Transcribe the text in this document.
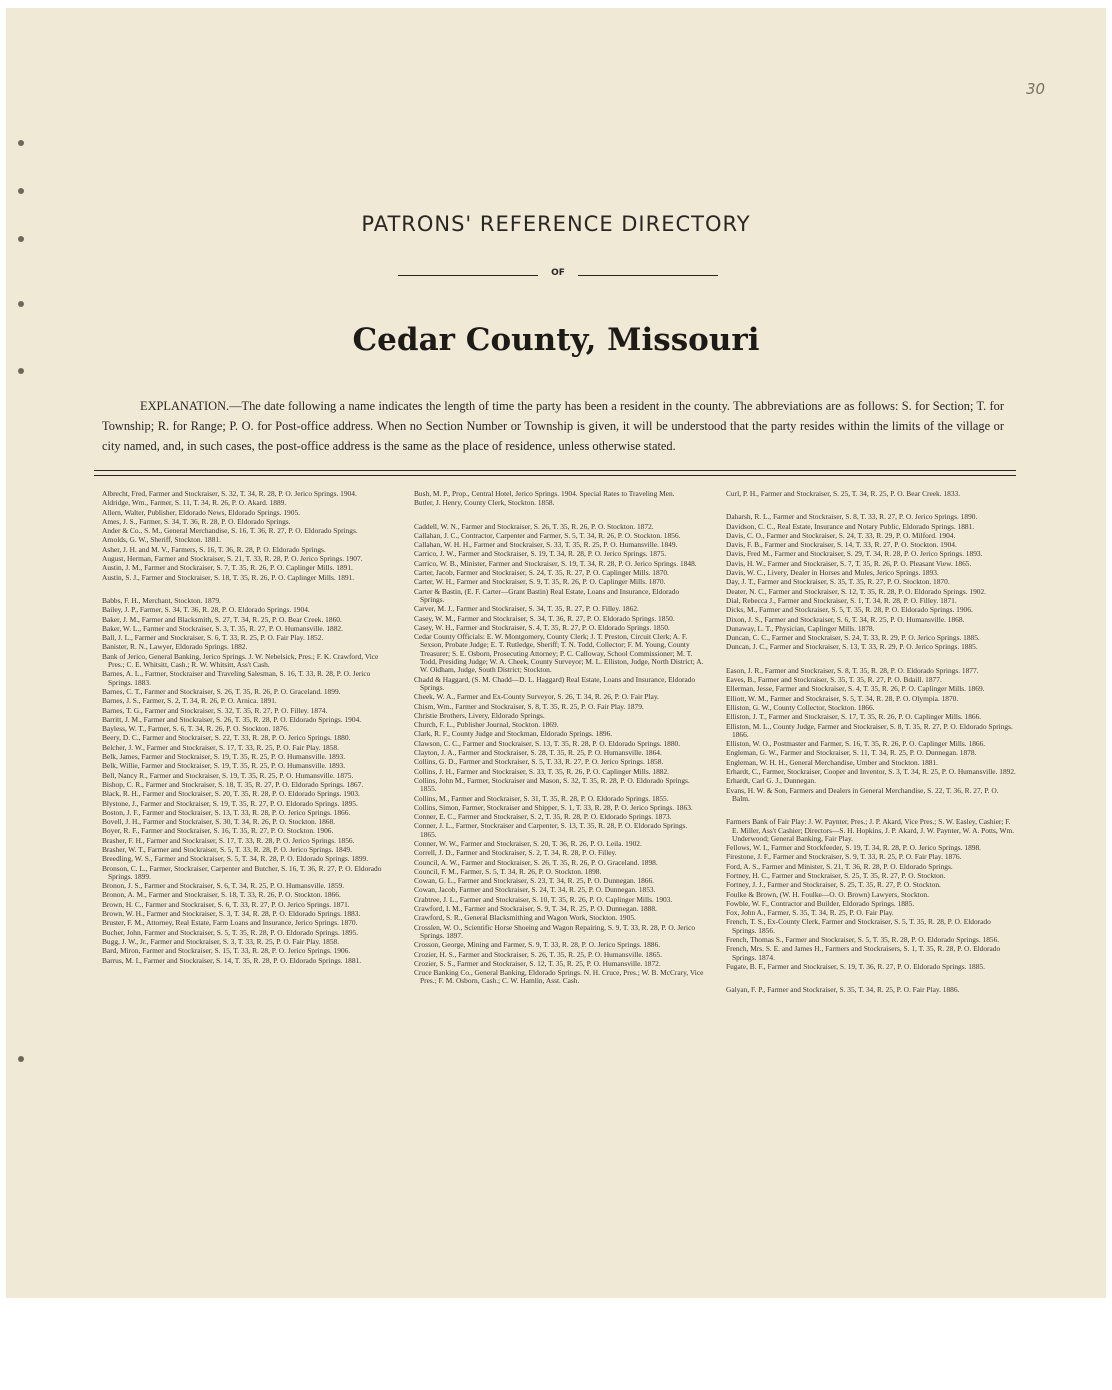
30
PATRONS' REFERENCE DIRECTORY
OF
Cedar County, Missouri
EXPLANATION.—The date following a name indicates the length of time the party has been a resident in the county. The abbreviations are as follows: S. for Section; T. for Township; R. for Range; P. O. for Post-office address. When no Section Number or Township is given, it will be understood that the party resides within the limits of the village or city named, and, in such cases, the post-office address is the same as the place of residence, unless otherwise stated.
Albrecht, Fred, Farmer and Stockraiser, S. 32, T. 34, R. 28, P. O. Jerico Springs. 1904.
Aldridge, Wm., Farmer, S. 11, T. 34, R. 26, P. O. Akard. 1889.
Allern, Walter, Publisher, Eldorado News, Eldorado Springs. 1905.
Ames, J. S., Farmer, S. 34, T. 36, R. 28, P. O. Eldorado Springs.
Ander & Co., S. M., General Merchandise, S. 16, T. 36, R. 27, P. O. Eldorado Springs.
Arnolds, G. W., Sheriff, Stockton. 1881.
Asher, J. H. and M. V., Farmers, S. 16, T. 36, R. 28, P. O. Eldorado Springs.
August, Herman, Farmer and Stockraiser, S. 21, T. 33, R. 28, P. O. Jerico Springs. 1907.
Austin, J. M., Farmer and Stockraiser, S. 7, T. 35, R. 26, P. O. Caplinger Mills. 1891.
Austin, S. J., Farmer and Stockraiser, S. 18, T. 35, R. 26, P. O. Caplinger Mills. 1891.
Babbs, F. H., Merchant, Stockton. 1879.
Bailey, J. P., Farmer, S. 34, T. 36, R. 28, P. O. Eldorado Springs. 1904.
Baker, J. M., Farmer and Blacksmith, S. 27, T. 34, R. 25, P. O. Bear Creek. 1860.
Baker, W. L., Farmer and Stockraiser, S. 3, T. 35, R. 27, P. O. Humansville. 1882.
Ball, J. L., Farmer and Stockraiser, S. 6, T. 33, R. 25, P. O. Fair Play. 1852.
Banister, R. N., Lawyer, Eldorado Springs. 1882.
Bank of Jerico, General Banking, Jerico Springs. J. W. Nebelsick, Pres.; F. K. Crawford, Vice Pres.; C. E. Whitsitt, Cash.; R. W. Whitsitt, Ass't Cash.
Barnes, A. L., Farmer, Stockraiser and Traveling Salesman, S. 16, T. 33, R. 28, P. O. Jerico Springs. 1883.
Barnes, C. T., Farmer and Stockraiser, S. 26, T. 35, R. 26, P. O. Graceland. 1899.
Barnes, J. S., Farmer, S. 2, T. 34, R. 26, P. O. Arnica. 1891.
Barnes, T. G., Farmer and Stockraiser, S. 32, T. 35, R. 27, P. O. Filley. 1874.
Barritt, J. M., Farmer and Stockraiser, S. 26, T. 35, R. 28, P. O. Eldorado Springs. 1904.
Bayless, W. T., Farmer, S. 6, T. 34, R. 26, P. O. Stockton. 1876.
Beery, D. C., Farmer and Stockraiser, S. 22, T. 33, R. 28, P. O. Jerico Springs. 1880.
Belcher, J. W., Farmer and Stockraiser, S. 17, T. 33, R. 25, P. O. Fair Play. 1858.
Belk, James, Farmer and Stockraiser, S. 19, T. 35, R. 25, P. O. Humansville. 1893.
Belk, Willie, Farmer and Stockraiser, S. 19, T. 35, R. 25, P. O. Humansville. 1893.
Bell, Nancy R., Farmer and Stockraiser, S. 19, T. 35, R. 25, P. O. Humansville. 1875.
Bishop, C. R., Farmer and Stockraiser, S. 18, T. 35, R. 27, P. O. Eldorado Springs. 1867.
Black, R. H., Farmer and Stockraiser, S. 20, T. 35, R. 28, P. O. Eldorado Springs. 1903.
Blystone, J., Farmer and Stockraiser, S. 19, T. 35, R. 27, P. O. Eldorado Springs. 1895.
Boston, J. F., Farmer and Stockraiser, S. 13, T. 33, R. 28, P. O. Jerico Springs. 1866.
Bovell, J. H., Farmer and Stockraiser, S. 30, T. 34, R. 26, P. O. Stockton. 1868.
Boyer, R. F., Farmer and Stockraiser, S. 16, T. 35, R. 27, P. O. Stockton. 1906.
Brasher, F. H., Farmer and Stockraiser, S. 17, T. 33, R. 28, P. O. Jerico Springs. 1856.
Brasher, W. T., Farmer and Stockraiser, S. 5, T. 33, R. 28, P. O. Jerico Springs. 1849.
Breedling, W. S., Farmer and Stockraiser, S. 5, T. 34, R. 28, P. O. Eldorado Springs. 1899.
Bronson, C. L., Farmer, Stockraiser, Carpenter and Butcher, S. 16, T. 36, R. 27, P. O. Eldorado Springs. 1899.
Bronon, J. S., Farmer and Stockraiser, S. 6, T. 34, R. 25, P. O. Humansville. 1859.
Bronon, A. M., Farmer and Stockraiser, S. 18, T. 33, R. 26, P. O. Stockton. 1866.
Brown, H. C., Farmer and Stockraiser, S. 6, T. 33, R. 27, P. O. Jerico Springs. 1871.
Brown, W. H., Farmer and Stockraiser, S. 3, T. 34, R. 28, P. O. Eldorado Springs. 1883.
Bruster, F. M., Attorney, Real Estate, Farm Loans and Insurance, Jerico Springs. 1870.
Bucher, John, Farmer and Stockraiser, S. 5, T. 35, R. 28, P. O. Eldorado Springs. 1895.
Bugg, J. W., Jr., Farmer and Stockraiser, S. 3, T. 33, R. 25, P. O. Fair Play. 1858.
Bard, Miron, Farmer and Stockraiser, S. 15, T. 33, R. 28, P. O. Jerico Springs. 1906.
Barrus, M. I., Farmer and Stockraiser, S. 14, T. 35, R. 28, P. O. Eldorado Springs. 1881.
Bush, M. P., Prop., Central Hotel, Jerico Springs. 1904. Special Rates to Traveling Men.
Butler, J. Henry, County Clerk, Stockton. 1858.
Caddell, W. N., Farmer and Stockraiser, S. 26, T. 35, R. 26, P. O. Stockton. 1872.
Callahan, J. C., Contractor, Carpenter and Farmer, S. 5, T. 34, R. 26, P. O. Stockton. 1856.
Callahan, W. H. H., Farmer and Stockraiser, S. 33, T. 35, R. 25, P. O. Humansville. 1849.
Carrico, J. W., Farmer and Stockraiser, S. 19, T. 34, R. 28, P. O. Jerico Springs. 1875.
Carrico, W. B., Minister, Farmer and Stockraiser, S. 19, T. 34, R. 28, P. O. Jerico Springs. 1848.
Carter, Jacob, Farmer and Stockraiser, S. 24, T. 35, R. 27, P. O. Caplinger Mills. 1870.
Carter, W. H., Farmer and Stockraiser, S. 9, T. 35, R. 26, P. O. Caplinger Mills. 1870.
Carter & Bastin, (E. F. Carter—Grant Bastin) Real Estate, Loans and Insurance, Eldorado Springs.
Carver, M. J., Farmer and Stockraiser, S. 34, T. 35, R. 27, P. O. Filley. 1862.
Casey, W. M., Farmer and Stockraiser, S. 34, T. 36, R. 27, P. O. Eldorado Springs. 1850.
Casey, W. H., Farmer and Stockraiser, S. 4, T. 35, R. 27, P. O. Eldorado Springs. 1850.
Cedar County Officials: E. W. Montgomery, County Clerk; J. T. Preston, Circuit Clerk; A. F. Sexson, Probate Judge; E. T. Rutledge, Sheriff; T. N. Todd, Collector; F. M. Young, County Treasurer; S. E. Osborn, Prosecuting Attorney; P. C. Calloway, School Commissioner; M. T. Todd, Presiding Judge; W. A. Cheek, County Surveyor; M. L. Elliston, Judge, North District; A. W. Oldham, Judge, South District; Stockton.
Chadd & Haggard, (S. M. Chadd—D. L. Haggard) Real Estate, Loans and Insurance, Eldorado Springs.
Cheek, W. A., Farmer and Ex-County Surveyor, S. 26, T. 34, R. 26, P. O. Fair Play.
Chism, Wm., Farmer and Stockraiser, S. 8, T. 35, R. 25, P. O. Fair Play. 1879.
Christie Brothers, Livery, Eldorado Springs.
Church, F. L., Publisher Journal, Stockton. 1869.
Clark, R. F., County Judge and Stockman, Eldorado Springs. 1896.
Clawson, C. C., Farmer and Stockraiser, S. 13, T. 35, R. 28, P. O. Eldorado Springs. 1880.
Clayton, J. A., Farmer and Stockraiser, S. 28, T. 35, R. 25, P. O. Humansville. 1864.
Collins, G. D., Farmer and Stockraiser, S. 5, T. 33, R. 27, P. O. Jerico Springs. 1858.
Collins, J. H., Farmer and Stockraiser, S. 33, T. 35, R. 26, P. O. Caplinger Mills. 1882.
Collins, John M., Farmer, Stockraiser and Mason, S. 32, T. 35, R. 28, P. O. Eldorado Springs. 1855.
Collins, M., Farmer and Stockraiser, S. 31, T. 35, R. 28, P. O. Eldorado Springs. 1855.
Collins, Simon, Farmer, Stockraiser and Shipper, S. 1, T. 33, R. 28, P. O. Jerico Springs. 1863.
Conner, E. C., Farmer and Stockraiser, S. 2, T. 35, R. 28, P. O. Eldorado Springs. 1873.
Conner, J. L., Farmer, Stockraiser and Carpenter, S. 13, T. 35, R. 28, P. O. Eldorado Springs. 1865.
Conner, W. W., Farmer and Stockraiser, S. 20, T. 36, R. 26, P. O. Leila. 1902.
Correll, J. D., Farmer and Stockraiser, S. 2, T. 34, R. 28, P. O. Filley.
Council, A. W., Farmer and Stockraiser, S. 26, T. 35, R. 26, P. O. Graceland. 1898.
Council, F. M., Farmer, S. 5, T. 34, R. 26, P. O. Stockton. 1898.
Cowan, G. L., Farmer and Stockraiser, S. 23, T. 34, R. 25, P. O. Dunnegan. 1866.
Cowan, Jacob, Farmer and Stockraiser, S. 24, T. 34, R. 25, P. O. Dunnegan. 1853.
Crabtree, J. L., Farmer and Stockraiser, S. 10, T. 35, R. 26, P. O. Caplinger Mills. 1903.
Crawford, I. M., Farmer and Stockraiser, S. 9, T. 34, R. 25, P. O. Dunnegan. 1888.
Crawford, S. R., General Blacksmithing and Wagon Work, Stockton. 1905.
Crosslen, W. O., Scientific Horse Shoeing and Wagon Repairing, S. 9, T. 33, R. 28, P. O. Jerico Springs. 1897.
Crosson, George, Mining and Farmer, S. 9, T. 33, R. 28, P. O. Jerico Springs. 1886.
Crozier, H. S., Farmer and Stockraiser, S. 26, T. 35, R. 25, P. O. Humansville. 1865.
Crozier, S. S., Farmer and Stockraiser, S. 12, T. 35, R. 25, P. O. Humansville. 1872.
Cruce Banking Co., General Banking, Eldorado Springs. N. H. Cruce, Pres.; W. B. McCrary, Vice Pres.; F. M. Osborn, Cash.; C. W. Hamlin, Asst. Cash.
Curl, P. H., Farmer and Stockraiser, S. 25, T. 34, R. 25, P. O. Bear Creek. 1833.
Daharsh, R. L., Farmer and Stockraiser, S. 8, T. 33, R. 27, P. O. Jerico Springs. 1890.
Davidson, C. C., Real Estate, Insurance and Notary Public, Eldorado Springs. 1881.
Davis, C. O., Farmer and Stockraiser, S. 24, T. 33, R. 29, P. O. Milford. 1904.
Davis, F. B., Farmer and Stockraiser, S. 14, T. 33, R. 27, P. O. Stockton. 1904.
Davis, Fred M., Farmer and Stockraiser, S. 29, T. 34, R. 28, P. O. Jerico Springs. 1893.
Davis, H. W., Farmer and Stockraiser, S. 7, T. 35, R. 26, P. O. Pleasant View. 1865.
Davis, W. C., Livery, Dealer in Horses and Mules, Jerico Springs. 1893.
Day, J. T., Farmer and Stockraiser, S. 35, T. 35, R. 27, P. O. Stockton. 1870.
Deater, N. C., Farmer and Stockraiser, S. 12, T. 35, R. 28, P. O. Eldorado Springs. 1902.
Dial, Rebecca J., Farmer and Stockraiser, S. 1, T. 34, R. 28, P. O. Filley. 1871.
Dicks, M., Farmer and Stockraiser, S. 5, T. 35, R. 28, P. O. Eldorado Springs. 1906.
Dixon, J. S., Farmer and Stockraiser, S. 6, T. 34, R. 25, P. O. Humansville. 1868.
Dunaway, L. T., Physician, Caplinger Mills. 1878.
Duncan, C. C., Farmer and Stockraiser, S. 24, T. 33, R. 29, P. O. Jerico Springs. 1885.
Duncan, J. C., Farmer and Stockraiser, S. 13, T. 33, R. 29, P. O. Jerico Springs. 1885.
Eason, J. R., Farmer and Stockraiser, S. 8, T. 35, R. 28, P. O. Eldorado Springs. 1877.
Eaves, B., Farmer and Stockraiser, S. 35, T. 35, R. 27, P. O. Bdaill. 1877.
Ellerman, Jesse, Farmer and Stockraiser, S. 4, T. 35, R. 26, P. O. Caplinger Mills. 1869.
Elliott, W. M., Farmer and Stockraiser, S. 5, T. 34, R. 28, P. O. Olympia. 1870.
Elliston, G. W., County Collector, Stockton. 1866.
Elliston, J. T., Farmer and Stockraiser, S. 17, T. 35, R. 26, P. O. Caplinger Mills. 1866.
Elliston, M. L., County Judge, Farmer and Stockraiser, S. 8, T. 35, R. 27, P. O. Eldorado Springs. 1866.
Elliston, W. O., Postmaster and Farmer, S. 16, T. 35, R. 26, P. O. Caplinger Mills. 1866.
Engleman, G. W., Farmer and Stockraiser, S. 11, T. 34, R. 25, P. O. Dunnegan. 1878.
Engleman, W. H. H., General Merchandise, Umber and Stockton. 1881.
Erhardt, C., Farmer, Stockraiser, Cooper and Inventor, S. 3, T. 34, R. 25, P. O. Humansville. 1892.
Erhardt, Carl G. J., Dunnegan.
Evans, H. W. & Son, Farmers and Dealers in General Merchandise, S. 22, T. 36, R. 27, P. O. Balm.
Farmers Bank of Fair Play: J. W. Paynter, Pres.; J. P. Akard, Vice Pres.; S. W. Easley, Cashier; F. E. Miller, Ass't Cashier; Directors—S. H. Hopkins, J. P. Akard, J. W. Paynter, W. A. Potts, Wm. Underwood; General Banking, Fair Play.
Fellows, W. I., Farmer and Stockfeeder, S. 19, T. 34, R. 28, P. O. Jerico Springs. 1898.
Firestone, J. F., Farmer and Stockraiser, S. 9, T. 33, R. 25, P. O. Fair Play. 1876.
Ford, A. S., Farmer and Minister, S. 21, T. 36, R. 28, P. O. Eldorado Springs.
Fortney, H. C., Farmer and Stockraiser, S. 25, T. 35, R. 27, P. O. Stockton.
Fortney, J. J., Farmer and Stockraiser, S. 25, T. 35, R. 27, P. O. Stockton.
Foulke & Brown, (W. H. Foulke—O. O. Brown) Lawyers, Stockton.
Fowble, W. F., Contractor and Builder, Eldorado Springs. 1885.
Fox, John A., Farmer, S. 35, T. 34, R. 25, P. O. Fair Play.
French, T. S., Ex-County Clerk, Farmer and Stockraiser, S. 5, T. 35, R. 28, P. O. Eldorado Springs. 1856.
French, Thomas S., Farmer and Stockraiser, S. 5, T. 35, R. 28, P. O. Eldorado Springs. 1856.
French, Mrs. S. E. and James H., Farmers and Stockraisers, S. 1, T. 35, R. 28, P. O. Eldorado Springs. 1874.
Fugate, B. F., Farmer and Stockraiser, S. 19, T. 36, R. 27, P. O. Eldorado Springs. 1885.
Galyan, F. P., Farmer and Stockraiser, S. 35, T. 34, R. 25, P. O. Fair Play. 1886.
